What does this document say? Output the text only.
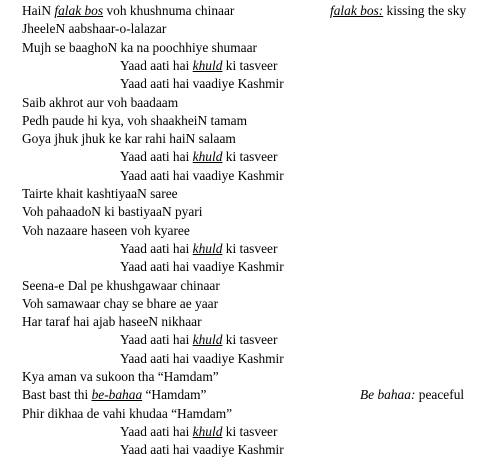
HaiN falak bos voh khushnuma chinaar
JheeleN aabshaar-o-lalazar
Mujh se baaghoN ka na poochhiye shumaar
Yaad aati hai khuld ki tasveer
Yaad aati hai vaadiye Kashmir
Saib akhrot aur voh baadaam
Pedh paude hi kya, voh shaakheiN tamam
Goya jhuk jhuk ke kar rahi haiN salaam
Yaad aati hai khuld ki tasveer
Yaad aati hai vaadiye Kashmir
Tairte khait kashtiyaaN saree
Voh pahaadoN ki bastiyaaN pyari
Voh nazaare haseen voh kyaree
Yaad aati hai khuld ki tasveer
Yaad aati hai vaadiye Kashmir
Seena-e Dal pe khushgawaar chinaar
Voh samawaar chay se bhare ae yaar
Har taraf hai ajab haseeN nikhaar
Yaad aati hai khuld ki tasveer
Yaad aati hai vaadiye Kashmir
Kya aman va sukoon tha “Hamdam”
Bast bast thi be-bahaa “Hamdam”
Phir dikhaa de vahi khudaa “Hamdam”
Yaad aati hai khuld ki tasveer
Yaad aati hai vaadiye Kashmir
falak bos: kissing the sky
Be bahaa: peaceful
